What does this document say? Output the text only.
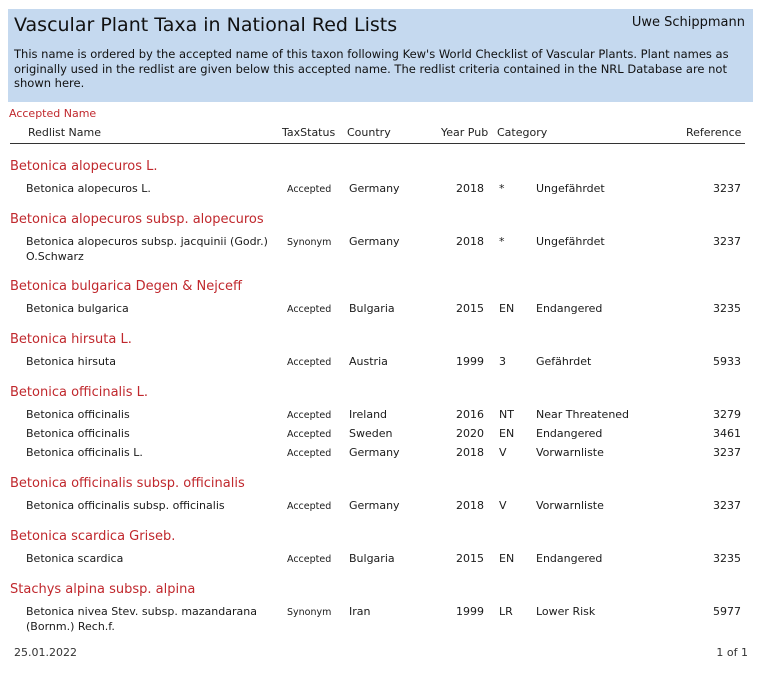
Vascular Plant Taxa in National Red Lists	Uwe Schippmann
This name is ordered by the accepted name of this taxon following Kew's World Checklist of Vascular Plants. Plant names as originally used in the redlist are given below this accepted name. The redlist criteria contained in the NRL Database are not shown here.
Accepted Name
Redlist Name	TaxStatus Country	Year Pub Category	Reference
Betonica alopecuros L.
Betonica alopecuros L.	Accepted Germany	2018 *	Ungefährdet	3237
Betonica alopecuros subsp. alopecuros
Betonica alopecuros subsp. jacquinii (Godr.) O.Schwarz
Synonym Germany	2018 *	Ungefährdet	3237
Betonica bulgarica Degen & Nejceff
Betonica bulgarica	Accepted Bulgaria	2015 EN Endangered	3235
Betonica hirsuta L.
Betonica hirsuta	Accepted Austria	1999 3	Gefährdet	5933
Betonica officinalis L.
Betonica officinalis	Accepted Ireland	2016 NT Near Threatened	3279
Betonica officinalis	Accepted Sweden	2020 EN Endangered	3461
Betonica officinalis L.	Accepted Germany	2018 V	Vorwarnliste	3237
Betonica officinalis subsp. officinalis
Betonica officinalis subsp. officinalis	Accepted Germany	2018 V	Vorwarnliste	3237
Betonica scardica Griseb.
Betonica scardica	Accepted Bulgaria	2015 EN Endangered	3235
Stachys alpina subsp. alpina
Betonica nivea Stev. subsp. mazandarana (Bornm.) Rech.f.
Synonym Iran	1999 LR Lower Risk	5977
25.01.2022	1 of 1
